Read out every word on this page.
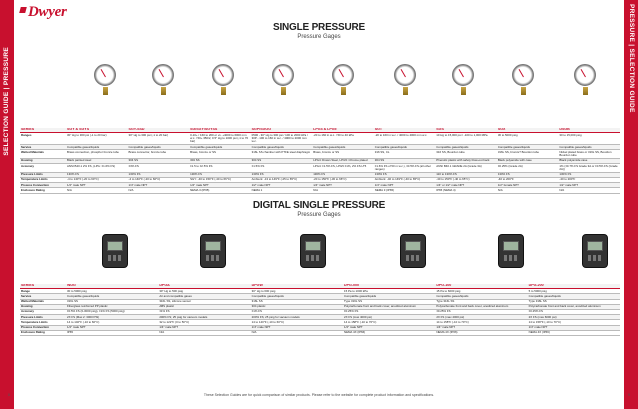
SELECTION GUIDE | PRESSURE	PRESSURE | SELECTION GUIDE
Dwyer
SINGLE PRESSURE
Pressure Gages
SERIES	SGY & SGYS	SGY-SSD	SG/SGY/SGYSS	SGP/SGOG	LPG4 & LPG5	SGT	SGS	SGX	DSGB
Ranges	30" Hg to 300 psi (-1 to 20 bar)	30" Hg to 300 psi (-1 to 20 bar)	0-10+ / 160 to 200 or vs. +4000 to 6000 mm w.c. / 50+ 350/2, 0.5" Hg to 1000 psi (-1 to 70 bar)	0500 - 30" Hg to 300 psi / 100 to 2000 kPa / 30P - 100 to 160 in w.c. / 4000 to 2000 mm w.c.	-20 to 160 in w.c. / 50 to 40 kPa	-20 to 160 in w.c. / 4000 to 4000 mm w.c.	10 Hg to 15,000 psi / -100 to 1,000 MPa	30 to 5000 psig	30 to 15,000 psig
Service	Compatible gases/liquids	Compatible gases/liquids	Compatible gases/liquids	Compatible gases/liquids	Compatible gases/liquids	Compatible gases/liquids	Compatible gases/liquids	Compatible gases/liquids	Compatible gases/liquids
Wetted Materials	Brass connection, phosphor bronze tube	Brass connector, bronze tube	Brass, bronze or SS	316L SS chamber with PTFE steel diaphragm	Brass, bronze or SS	316 SS, CL	316 SS, Bourdon tube	316L SS, bronze? Bourdon tube	Nickel plated brass or 316L SS, Bourdon Bourdon tube
Housing	Black painted steel	304 SS	304 SS	304 SS	LPG4: Drawn Steel, LPG5: Chrome plated	304 SS	Phenolic plastic with safety blow-out back	Black polyamide with case	Black polyamide case
Accuracy	ANSI B40.1 2% FS, (LPG: ±1.6% FS)	±3% FS	±1.5 to ±2.5% FS	±1.5% FS	LPG4: ±1.5% FS, LPG5 ±1%, 2% FS LT5	±1.6% FS of 50 m w.c.), ±0.5% FS (all other ranges)	ANSI B40.1 GRADE 2A (Grade 3A)	±0.25% (Grade 2A)	1% (±0.7% FS Grade 3A or ±0.5% FS (Grade 2A))
Pressure Limits	130% FS	130% FS	130% FS	130% FS	130% FS	130% FS	110 to 130% FS	130% FS	130% FS
Temperature Limits	-4 to 140°F (-20 to 60°C)	-4 to 140°F (-20 to 60°C)	SGY: -40 to 150°F (-40 to 66°C)	Ambient: -13 to 149°F (-25 to 65°C)	-20 to 150°F (-30 to 66°C)	Ambient: -40 to 149°F (-40 to 65°C)	-40 to 150°F (-40 to 65°C)	-40 to 200°F	-40 to 200°F
Process Connection	1/4" male NPT	1/4" male NPT	1/4" male NPT	1/2" male NPT	1/4" male NPT	1/4" male NPT	1/4" or 1/2" male NPT	1/2" female NPT	1/2" male NPT
Enclosure Rating	N/A	N/A	NEMA 3 (IP65)	NEMA 1	N/A	NEMA 3 (IP65)	IP65 (NEMA 4)	N/A	N/A
DIGITAL SINGLE PRESSURE
Pressure Gages
SERIES	WDG	DPGA	DPGW	DPG-000	DPG-100	DPG-200
Range	30 to 5000 psig	30" Hg to 500 psig	30" Hg to 600 psig	15 Pa to 1000 kPa	15 Pa to 6000 psig	5 to 5000 psig
Service	Compatible gases/liquids	Air and compatible gases	Compatible gases/liquids	Compatible gases/liquids	Compatible gases/liquids	Compatible gases/liquids
Wetted Materials	316L SS	316L SS, silicone sensor	316L SS	Type 316L SS	Type 316L SS	Type 316L SS
Housing	Fiberglass reinforced PP plastic	ABS plastic	304 plastic	Polycarbonate front and back cover, anodized aluminum	Polycarbonate front and back cover, anodized aluminum	Polycarbonate front and back cover, anodized aluminum
Accuracy	±0.5% FS (0-3000 psig), ±1% FS (5000 psig)	±1% FS	±1% FS	±0.25% FS	±0.25% FS	±0.25% FS
Pressure Limits	2X FS (Max 2: 3000 PSI)	200% FS; 25 psig for vacuum models	200% FS; 25 psig for vacuum models	2X FS (max 4000 psi)	2X FS (max 4000 psi)	2X FS (max 6000 psi)
Temperature Limits	14 to 140°F (-10 to 60°C)	32 to 122°F (0 to 50°C)	14 to 140°F (-10 to 60°C)	14 to 158°F (-10 to 70°C)	14 to 158°F (-10 to 70°C)	14 to 158°F (-10 to 70°C)
Process Connection	1/4" male NPT	1/4" male NPT	1/4" male NPT	1/4" male NPT	1/4" male NPT	1/4" male NPT
Enclosure Rating	IP65	N/A	N/A	NEMA 4X (IP66)	NEMA 4X (IP66)	NEMA 4X (IP66)
8	9
These Selection Guides are for quick comparison of similar products. Please refer to the website for complete product information and specifications.
